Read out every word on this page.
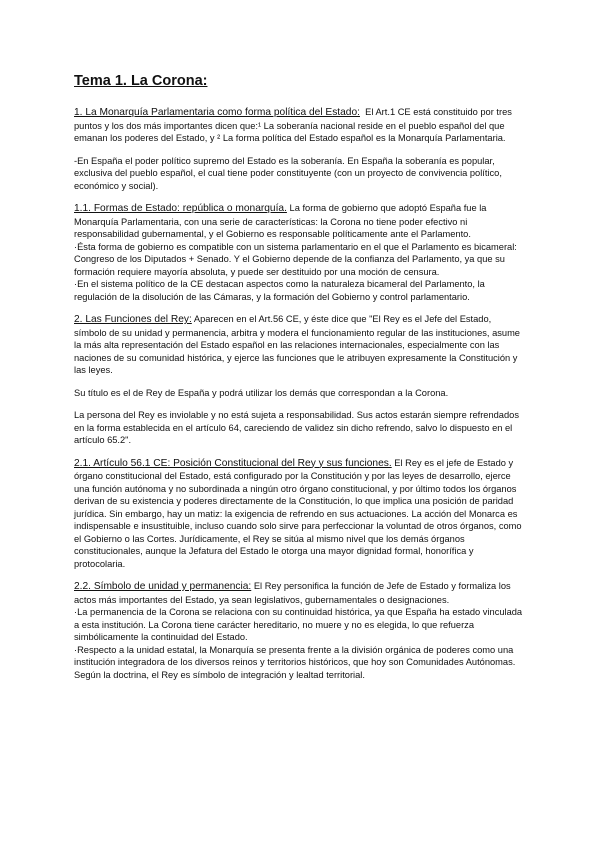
Tema 1. La Corona:

1. La Monarquía Parlamentaria como forma política del Estado: El Art.1 CE está constituido por tres puntos y los dos más importantes dicen que:¹ La soberanía nacional reside en el pueblo español del que emanan los poderes del Estado, y ² La forma política del Estado español es la Monarquía Parlamentaria.

-En España el poder político supremo del Estado es la soberanía. En España la soberanía es popular, exclusiva del pueblo español, el cual tiene poder constituyente (con un proyecto de convivencia político, económico y social).

1.1. Formas de Estado: república o monarquía. La forma de gobierno que adoptó España fue la Monarquía Parlamentaria, con una serie de características: la Corona no tiene poder efectivo ni responsabilidad gubernamental, y el Gobierno es responsable políticamente ante el Parlamento.
·Ésta forma de gobierno es compatible con un sistema parlamentario en el que el Parlamento es bicameral: Congreso de los Diputados + Senado. Y el Gobierno depende de la confianza del Parlamento, ya que su formación requiere mayoría absoluta, y puede ser destituido por una moción de censura.
·En el sistema político de la CE destacan aspectos como la naturaleza bicameral del Parlamento, la regulación de la disolución de las Cámaras, y la formación del Gobierno y control parlamentario.

2. Las Funciones del Rey: Aparecen en el Art.56 CE, y éste dice que "El Rey es el Jefe del Estado, símbolo de su unidad y permanencia, arbitra y modera el funcionamiento regular de las instituciones, asume la más alta representación del Estado español en las relaciones internacionales, especialmente con las naciones de su comunidad histórica, y ejerce las funciones que le atribuyen expresamente la Constitución y las leyes.

Su título es el de Rey de España y podrá utilizar los demás que correspondan a la Corona.

La persona del Rey es inviolable y no está sujeta a responsabilidad. Sus actos estarán siempre refrendados en la forma establecida en el artículo 64, careciendo de validez sin dicho refrendo, salvo lo dispuesto en el artículo 65.2".

2.1. Artículo 56.1 CE: Posición Constitucional del Rey y sus funciones. El Rey es el jefe de Estado y órgano constitucional del Estado, está configurado por la Constitución y por las leyes de desarrollo, ejerce una función autónoma y no subordinada a ningún otro órgano constitucional, y por último todos los órganos derivan de su existencia y poderes directamente de la Constitución, lo que implica una posición de paridad jurídica. Sin embargo, hay un matiz: la exigencia de refrendo en sus actuaciones. La acción del Monarca es indispensable e insustituible, incluso cuando solo sirve para perfeccionar la voluntad de otros órganos, como el Gobierno o las Cortes. Jurídicamente, el Rey se sitúa al mismo nivel que los demás órganos constitucionales, aunque la Jefatura del Estado le otorga una mayor dignidad formal, honorífica y protocolaria.

2.2. Símbolo de unidad y permanencia: El Rey personifica la función de Jefe de Estado y formaliza los actos más importantes del Estado, ya sean legislativos, gubernamentales o designaciones.
·La permanencia de la Corona se relaciona con su continuidad histórica, ya que España ha estado vinculada a esta institución. La Corona tiene carácter hereditario, no muere y no es elegida, lo que refuerza simbólicamente la continuidad del Estado.
·Respecto a la unidad estatal, la Monarquía se presenta frente a la división orgánica de poderes como una institución integradora de los diversos reinos y territorios históricos, que hoy son Comunidades Autónomas. Según la doctrina, el Rey es símbolo de integración y lealtad territorial.
